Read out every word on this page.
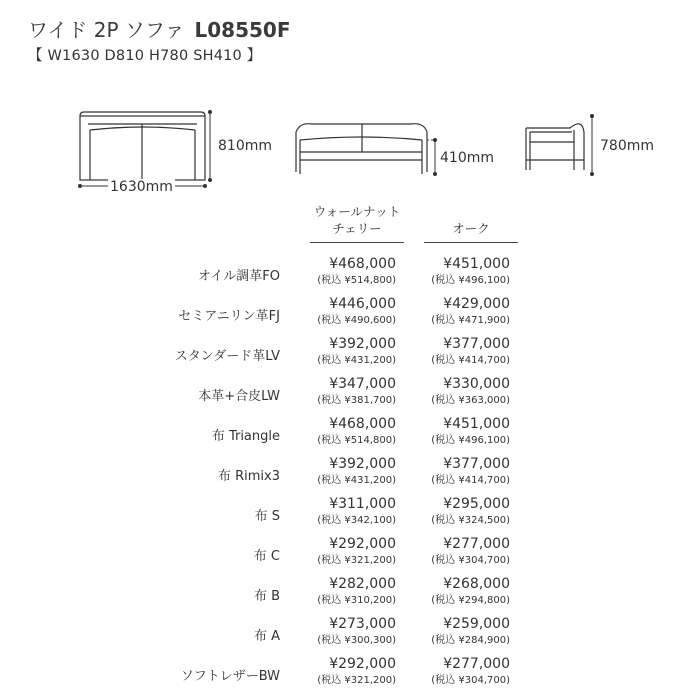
ワイド 2P ソファ L08550F
【 W1630 D810 H780 SH410 】
810mm
1630mm
410mm
780mm
ウォールナット
チェリー	オーク
オイル調革FO
¥468,000
(税込 ¥514,800)
¥451,000
(税込 ¥496,100)
セミアニリン革FJ
¥446,000
(税込 ¥490,600)
¥429,000
(税込 ¥471,900)
スタンダード革LV
¥392,000
(税込 ¥431,200)
¥377,000
(税込 ¥414,700)
本革+合皮LW
¥347,000
(税込 ¥381,700)
¥330,000
(税込 ¥363,000)
布 Triangle
¥468,000
(税込 ¥514,800)
¥451,000
(税込 ¥496,100)
布 Rimix3
¥392,000
(税込 ¥431,200)
¥377,000
(税込 ¥414,700)
布 S
¥311,000
(税込 ¥342,100)
¥295,000
(税込 ¥324,500)
布 C
¥292,000
(税込 ¥321,200)
¥277,000
(税込 ¥304,700)
布 B
¥282,000
(税込 ¥310,200)
¥268,000
(税込 ¥294,800)
布 A
¥273,000
(税込 ¥300,300)
¥259,000
(税込 ¥284,900)
ソフトレザーBW
¥292,000
(税込 ¥321,200)
¥277,000
(税込 ¥304,700)
